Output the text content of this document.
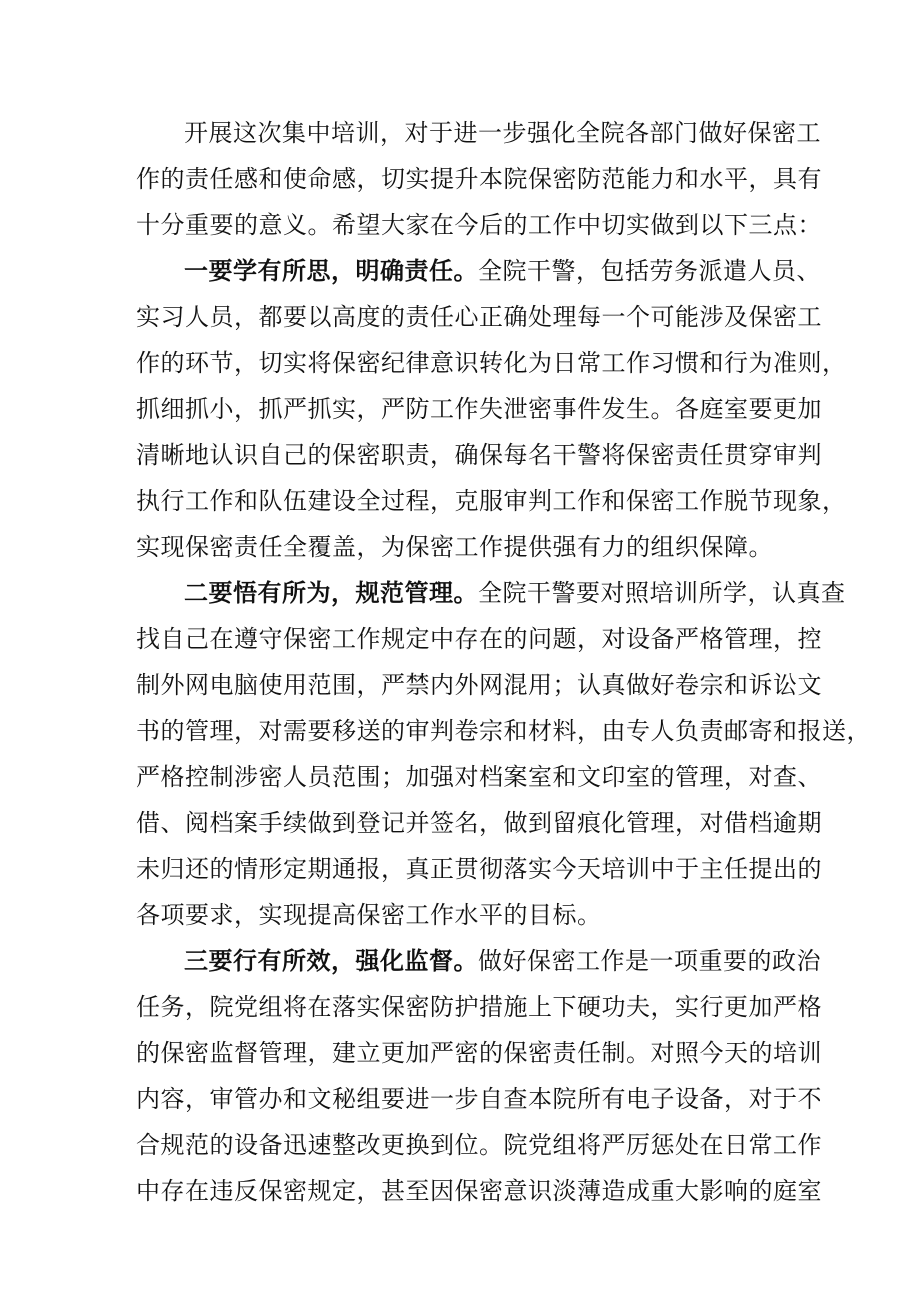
开展这次集中培训，对于进一步强化全院各部门做好保密工
作的责任感和使命感，切实提升本院保密防范能力和水平，具有
十分重要的意义。希望大家在今后的工作中切实做到以下三点：
一要学有所思，明确责任。全院干警，包括劳务派遣人员、
实习人员，都要以高度的责任心正确处理每一个可能涉及保密工
作的环节，切实将保密纪律意识转化为日常工作习惯和行为准则，
抓细抓小，抓严抓实，严防工作失泄密事件发生。各庭室要更加
清晰地认识自己的保密职责，确保每名干警将保密责任贯穿审判
执行工作和队伍建设全过程，克服审判工作和保密工作脱节现象，
实现保密责任全覆盖，为保密工作提供强有力的组织保障。
二要悟有所为，规范管理。全院干警要对照培训所学，认真查
找自己在遵守保密工作规定中存在的问题，对设备严格管理，控
制外网电脑使用范围，严禁内外网混用；认真做好卷宗和诉讼文
书的管理，对需要移送的审判卷宗和材料，由专人负责邮寄和报送，
严格控制涉密人员范围；加强对档案室和文印室的管理，对查、
借、阅档案手续做到登记并签名，做到留痕化管理，对借档逾期
未归还的情形定期通报，真正贯彻落实今天培训中于主任提出的
各项要求，实现提高保密工作水平的目标。
三要行有所效，强化监督。做好保密工作是一项重要的政治
任务，院党组将在落实保密防护措施上下硬功夫，实行更加严格
的保密监督管理，建立更加严密的保密责任制。对照今天的培训
内容，审管办和文秘组要进一步自查本院所有电子设备，对于不
合规范的设备迅速整改更换到位。院党组将严厉惩处在日常工作
中存在违反保密规定，甚至因保密意识淡薄造成重大影响的庭室
